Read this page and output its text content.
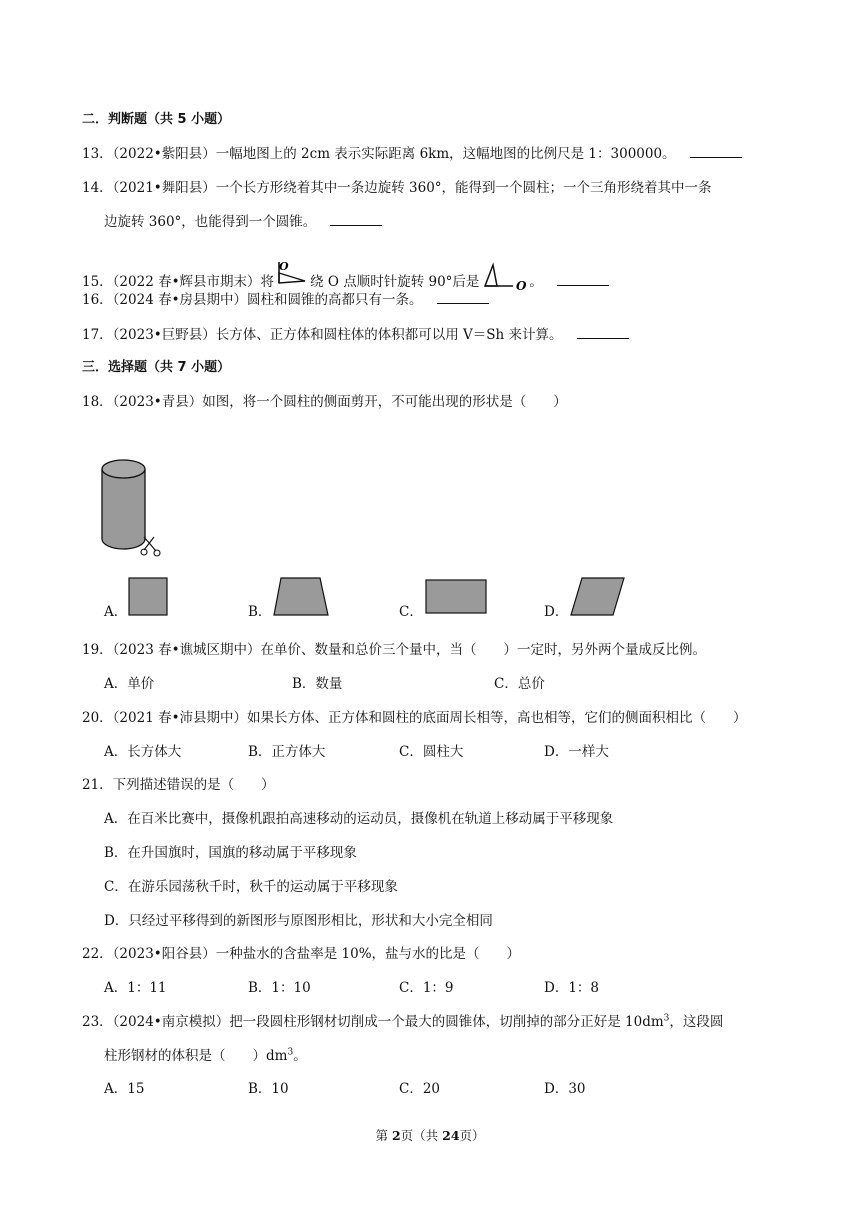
二．判断题（共 5 小题）
13．（2022•紫阳县）一幅地图上的 2cm 表示实际距离 6km，这幅地图的比例尺是 1：300000。
14．（2021•舞阳县）一个长方形绕着其中一条边旋转 360°，能得到一个圆柱；一个三角形绕着其中一条
边旋转 360°，也能得到一个圆锥。
15．（2022 春•辉县市期末）将
O
绕 O 点顺时针旋转 90°后是	O 。
16．（2024 春•房县期中）圆柱和圆锥的高都只有一条。
17．（2023•巨野县）长方体、正方体和圆柱体的体积都可以用 V＝Sh 来计算。
三．选择题（共 7 小题）
18．（2023•青县）如图，将一个圆柱的侧面剪开，不可能出现的形状是（　　）
A．	B．	C．	D．
19．（2023 春•谯城区期中）在单价、数量和总价三个量中，当（　　）一定时，另外两个量成反比例。
A．单价	B．数量	C．总价
20．（2021 春•沛县期中）如果长方体、正方体和圆柱的底面周长相等，高也相等，它们的侧面积相比（　　）
A．长方体大	B．正方体大	C．圆柱大	D．一样大
21．下列描述错误的是（　　）
A．在百米比赛中，摄像机跟拍高速移动的运动员，摄像机在轨道上移动属于平移现象
B．在升国旗时，国旗的移动属于平移现象
C．在游乐园荡秋千时，秋千的运动属于平移现象
D．只经过平移得到的新图形与原图形相比，形状和大小完全相同
22．（2023•阳谷县）一种盐水的含盐率是 10%，盐与水的比是（　　）
A．1：11	B．1：10	C．1：9	D．1：8
23．（2024•南京模拟）把一段圆柱形钢材切削成一个最大的圆锥体，切削掉的部分正好是 $10dm^3$，这段圆
柱形钢材的体积是（　　）$dm^3$。
A．15	B．10	C．20	D．30
第 2页（共 24页）
